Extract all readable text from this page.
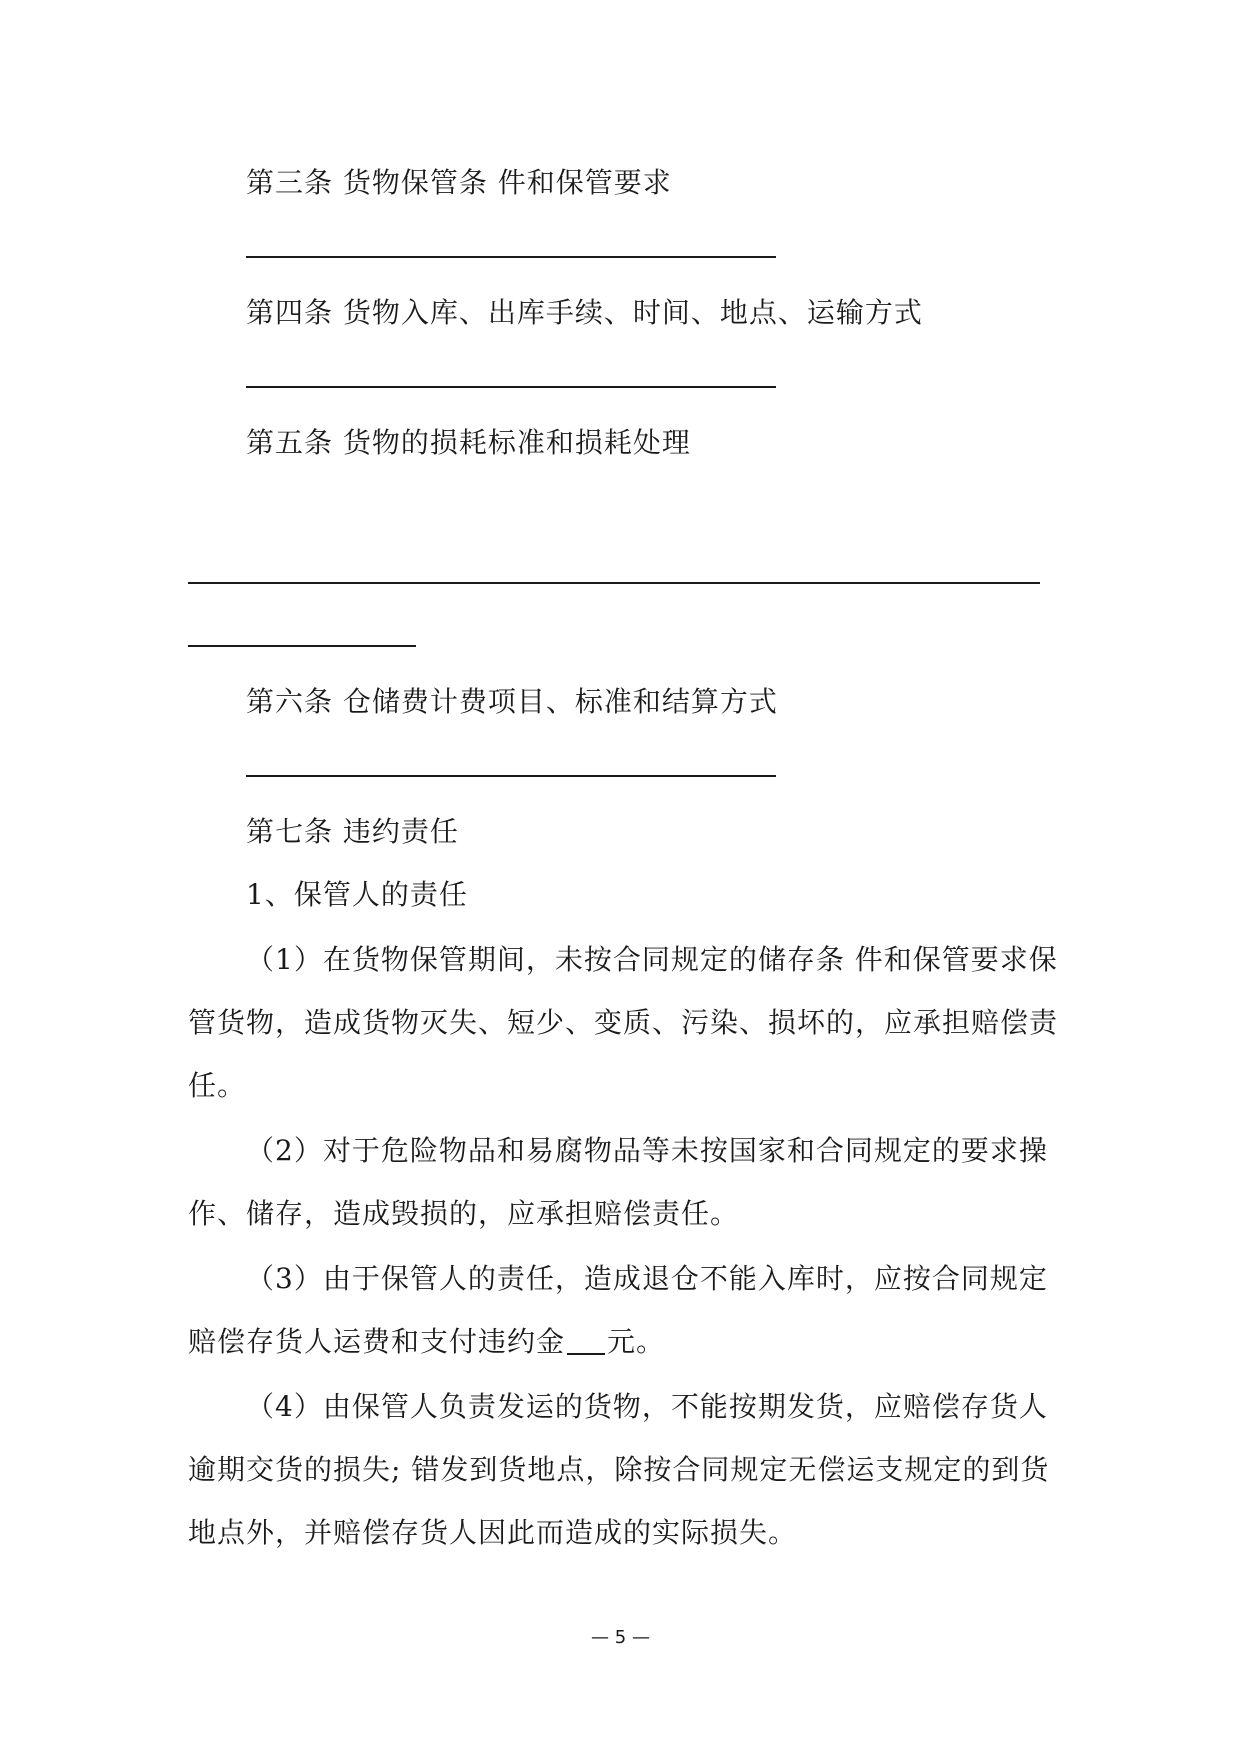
第三条 货物保管条 件和保管要求
第四条 货物入库、出库手续、时间、地点、运输方式
第五条 货物的损耗标准和损耗处理
第六条 仓储费计费项目、标准和结算方式
第七条 违约责任
1、保管人的责任
（1）在货物保管期间，未按合同规定的储存条 件和保管要求保
管货物，造成货物灭失、短少、变质、污染、损坏的，应承担赔偿责
任。
（2）对于危险物品和易腐物品等未按国家和合同规定的要求操
作、储存，造成毁损的，应承担赔偿责任。
（3）由于保管人的责任，造成退仓不能入库时，应按合同规定
赔偿存货人运费和支付违约金 元。
（4）由保管人负责发运的货物，不能按期发货，应赔偿存货人
逾期交货的损失; 错发到货地点，除按合同规定无偿运支规定的到货
地点外，并赔偿存货人因此而造成的实际损失。
— 5 —
